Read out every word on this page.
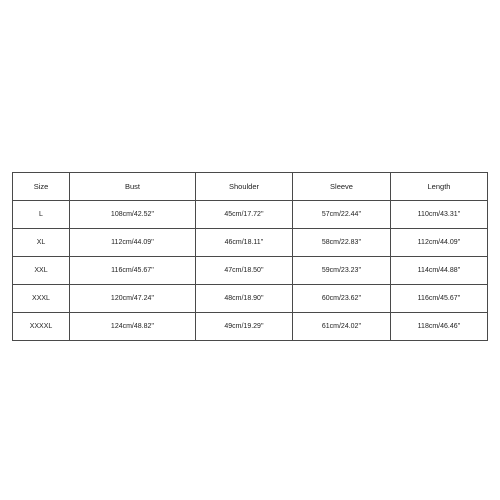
Size	Bust	Shoulder	Sleeve	Length
L	108cm/42.52''	45cm/17.72''	57cm/22.44''	110cm/43.31''
XL	112cm/44.09''	46cm/18.11''	58cm/22.83''	112cm/44.09''
XXL	116cm/45.67''	47cm/18.50''	59cm/23.23''	114cm/44.88''
XXXL	120cm/47.24''	48cm/18.90''	60cm/23.62''	116cm/45.67''
XXXXL	124cm/48.82''	49cm/19.29''	61cm/24.02''	118cm/46.46''
